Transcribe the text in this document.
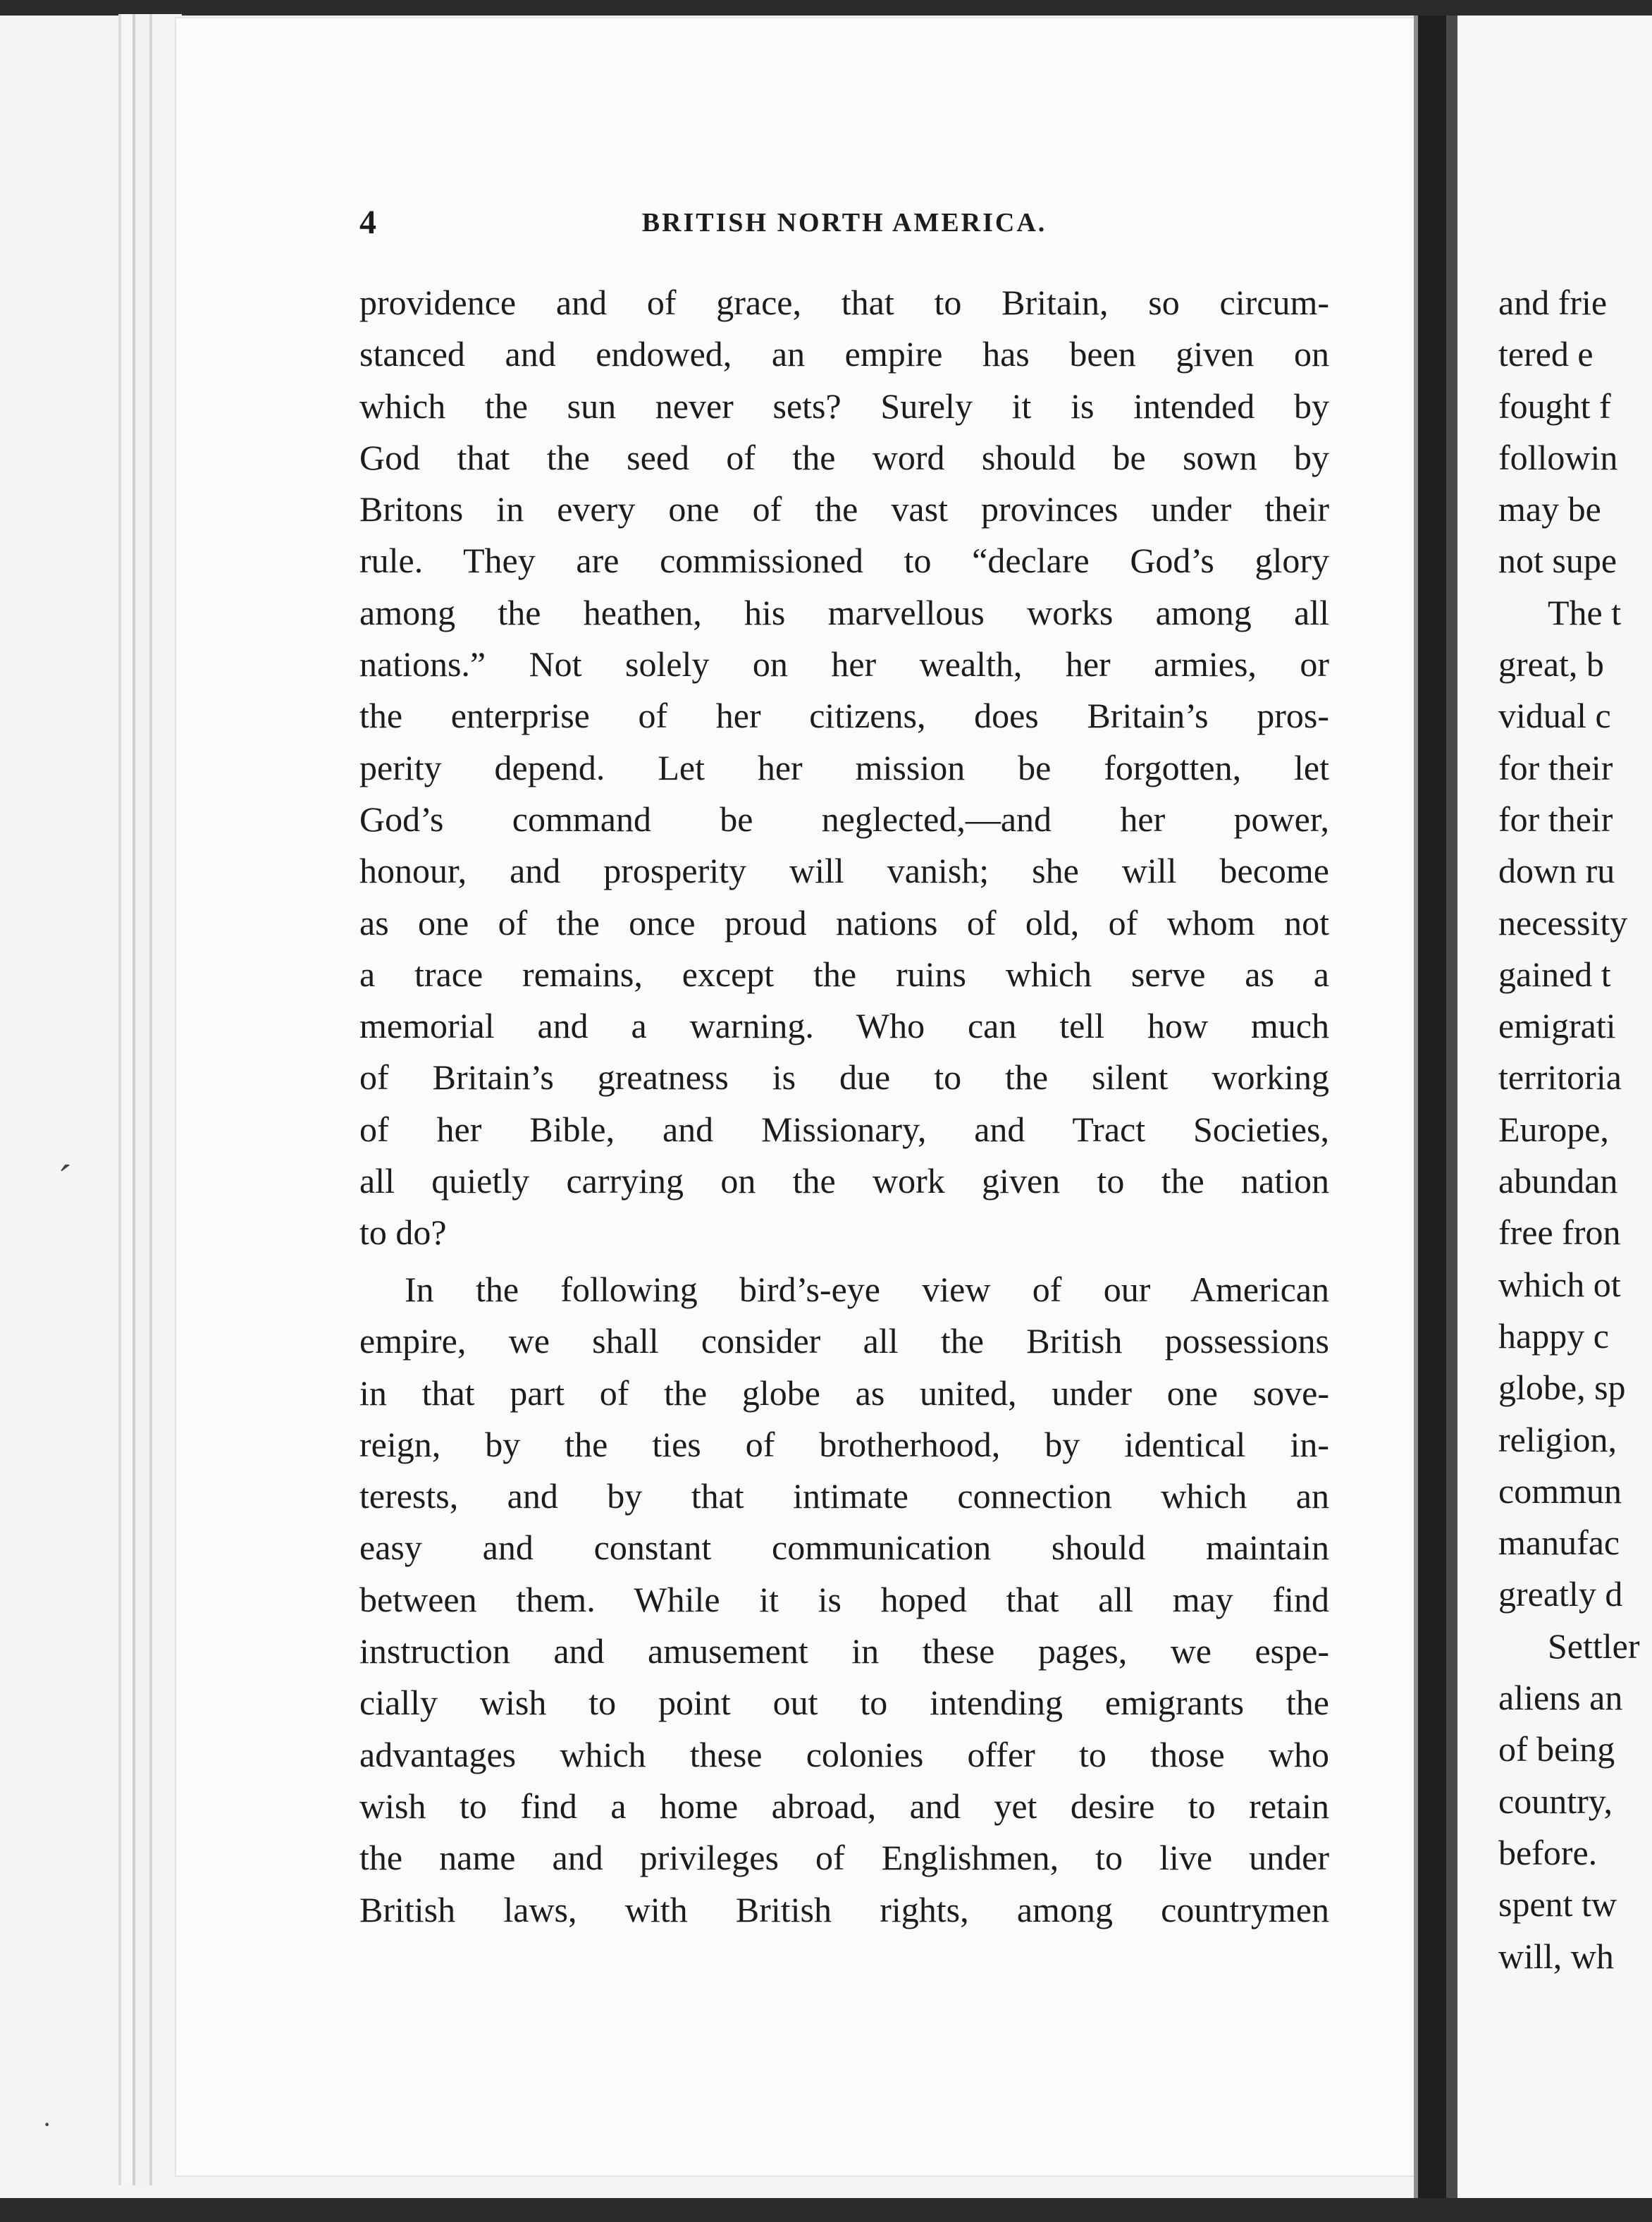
ˊ
·
4	BRITISH NORTH AMERICA.
providence and of grace, that to Britain, so circum-
stanced and endowed, an empire has been given on
which the sun never sets? Surely it is intended by
God that the seed of the word should be sown by
Britons in every one of the vast provinces under their
rule. They are commissioned to “declare God’s glory
among the heathen, his marvellous works among all
nations.” Not solely on her wealth, her armies, or
the enterprise of her citizens, does Britain’s pros-
perity depend. Let her mission be forgotten, let
God’s command be neglected,—and her power,
honour, and prosperity will vanish; she will become
as one of the once proud nations of old, of whom not
a trace remains, except the ruins which serve as a
memorial and a warning. Who can tell how much
of Britain’s greatness is due to the silent working
of her Bible, and Missionary, and Tract Societies,
all quietly carrying on the work given to the nation
to do?
In the following bird’s-eye view of our American
empire, we shall consider all the British possessions
in that part of the globe as united, under one sove-
reign, by the ties of brotherhood, by identical in-
terests, and by that intimate connection which an
easy and constant communication should maintain
between them. While it is hoped that all may find
instruction and amusement in these pages, we espe-
cially wish to point out to intending emigrants the
advantages which these colonies offer to those who
wish to find a home abroad, and yet desire to retain
the name and privileges of Englishmen, to live under
British laws, with British rights, among countrymen
and frie
tered e
fought f
followin
may be
not supe
The t
great, b
vidual c
for their
for their
down ru
necessity
gained t
emigrati
territoria
Europe,
abundan
free fron
which ot
happy c
globe, sp
religion,
commun
manufac
greatly d
Settler
aliens an
of being
country,
before.
spent tw
will, wh
